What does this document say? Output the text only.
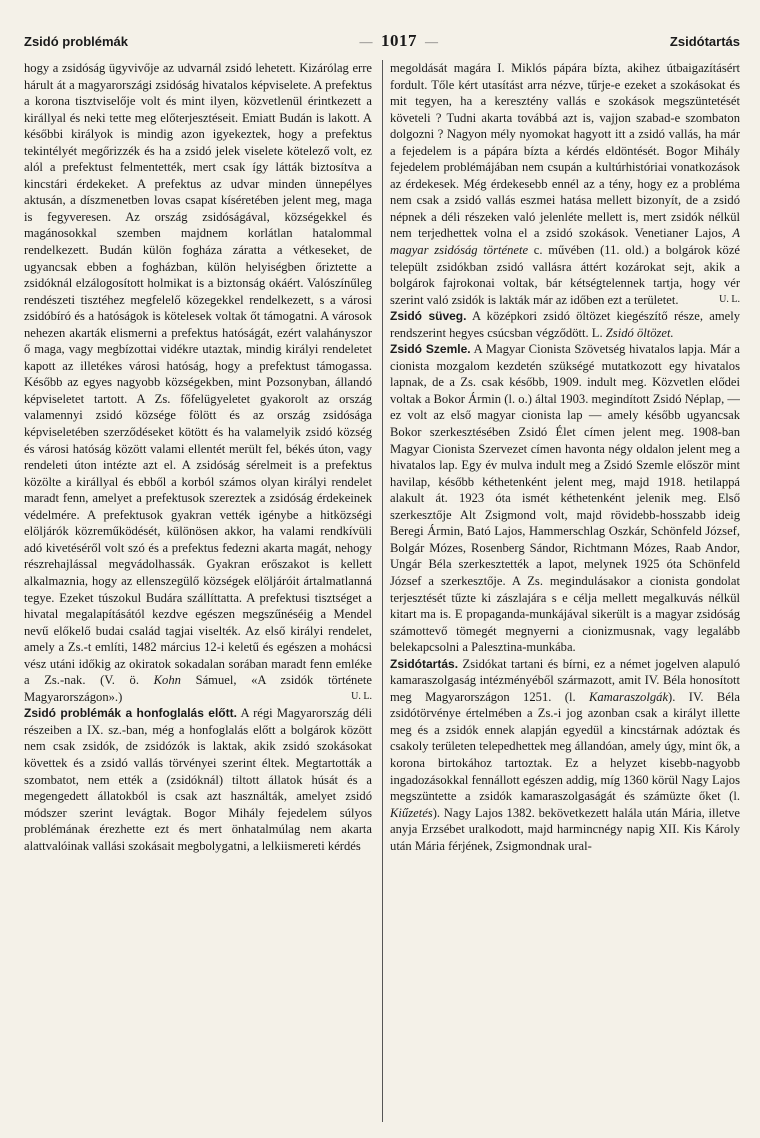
Zsidó problémák
—	1017 —	Zsidótartás

hogy a zsidóság ügyvivője az udvarnál zsidó lehetett. Kizárólag erre hárult át a magyarországi zsidóság hivatalos képviselete. A prefektus a korona tisztviselője volt és mint ilyen, közvetlenül érintkezett a királlyal és neki tette meg előterjesztéseit. Emiatt Budán is lakott. A későbbi királyok is mindig azon igyekeztek, hogy a prefektus tekintélyét megőrizzék és ha a zsidó jelek viselete kötelező volt, ez alól a prefektust felmentették, mert csak így látták biztosítva a kincstári érdekeket. A prefektus az udvar minden ünnepélyes aktusán, a díszmenetben lovas csapat kíséretében jelent meg, maga is fegyveresen. Az ország zsidóságával, községekkel és magánosokkal szemben majdnem korlátlan hatalommal rendelkezett. Budán külön fogháza záratta a vétkeseket, de ugyancsak ebben a fogházban, külön helyiségben őriztette a zsidóknál elzálogosított holmikat is a biztonság okáért. Valószínűleg rendészeti tisztéhez megfelelő közegekkel rendelkezett, s a városi zsidóbíró és a hatóságok is kötelesek voltak őt támogatni. A városok nehezen akarták elismerni a prefektus hatóságát, ezért valahányszor ő maga, vagy megbízottai vidékre utaztak, mindig királyi rendeletet kapott az illetékes városi hatóság, hogy a prefektust támogassa. Később az egyes nagyobb községekben, mint Pozsonyban, állandó képviseletet tartott. A Zs. főfelügyeletet gyakorolt az ország valamennyi zsidó községe fölött és az ország zsidósága képviseletében szerződéseket kötött és ha valamelyik zsidó község és városi hatóság között valami ellentét merült fel, békés úton, vagy rendeleti úton intézte azt el. A zsidóság sérelmeit is a prefektus közölte a királlyal és ebből a korból számos olyan királyi rendelet maradt fenn, amelyet a prefektusok szereztek a zsidóság érdekeinek védelmére. A prefektusok gyakran vették igénybe a hitközségi elöljárók közreműködését, különösen akkor, ha valami rendkívüli adó kivetéséről volt szó és a prefektus fedezni akarta magát, nehogy részrehajlással megvádolhassák. Gyakran erőszakot is kellett alkalmaznia, hogy az ellenszegülő községek elöljáróit ártalmatlanná tegye. Ezeket túszokul Budára szállíttatta. A prefektusi tisztséget a hivatal megalapításától kezdve egészen megszűnéséig a Mendel nevű előkelő budai család tagjai viselték. Az első királyi rendelet, amely a Zs.-t említi, 1482 március 12-i keletű és egészen a mohácsi vész utáni időkig az okiratok sokadalan sorában maradt fenn emléke a Zs.-nak. (V. ö. Kohn Sámuel, «A zsidók története Magyarországon».)	U. L.

Zsidó problémák a honfoglalás előtt. A régi Magyarország déli részeiben a IX. sz.-ban, még a honfoglalás előtt a bolgárok között nem csak zsidók, de zsidózók is laktak, akik zsidó szokásokat követtek és a zsidó vallás törvényei szerint éltek. Megtartották a szombatot, nem ették a (zsidóknál) tiltott állatok húsát és a megengedett állatokból is csak azt használták, amelyet zsidó módszer szerint levágtak. Bogor Mihály fejedelem súlyos problémának érezhette ezt és mert önhatalmúlag nem akarta alattvalóinak vallási szokásait megbolygatni, a lelkiismereti kérdés

megoldását magára I. Miklós pápára bízta, akihez útbaigazításért fordult. Tőle kért utasítást arra nézve, tűrje-e ezeket a szokásokat és mit tegyen, ha a keresztény vallás e szokások megszüntetését követeli ? Tudni akarta továbbá azt is, vajjon szabad-e szombaton dolgozni ? Nagyon mély nyomokat hagyott itt a zsidó vallás, ha már a fejedelem is a pápára bízta a kérdés eldöntését. Bogor Mihály fejedelem problémájában nem csupán a kultúrhistóriai vonatkozások az érdekesek. Még érdekesebb ennél az a tény, hogy ez a probléma nem csak a zsidó vallás eszmei hatása mellett bizonyít, de a zsidó népnek a déli részeken való jelenléte mellett is, mert zsidók nélkül nem terjedhettek volna el a zsidó szokások. Venetianer Lajos, A magyar zsidóság története c. művében (11. old.) a bolgárok közé települt zsidókban zsidó vallásra áttért kozárokat sejt, akik a bolgárok fajrokonai voltak, bár kétségtelennek tartja, hogy vér szerint való zsidók is lakták már az időben ezt a területet.	U. L.

Zsidó süveg. A középkori zsidó öltözet kiegészítő része, amely rendszerint hegyes csúcsban végződött. L. Zsidó öltözet.

Zsidó Szemle. A Magyar Cionista Szövetség hivatalos lapja. Már a cionista mozgalom kezdetén szükségé mutatkozott egy hivatalos lapnak, de a Zs. csak később, 1909. indult meg. Közvetlen elődei voltak a Bokor Ármin (l. o.) által 1903. megindított Zsidó Néplap, — ez volt az első magyar cionista lap — amely később ugyancsak Bokor szerkesztésében Zsidó Élet címen jelent meg. 1908-ban Magyar Cionista Szervezet címen havonta négy oldalon jelent meg a hivatalos lap. Egy év mulva indult meg a Zsidó Szemle először mint havilap, később kéthetenként jelent meg, majd 1918. hetilappá alakult át. 1923 óta ismét kéthetenként jelenik meg. Első szerkesztője Alt Zsigmond volt, majd rövidebb-hosszabb ideig Beregi Ármin, Bató Lajos, Hammerschlag Oszkár, Schönfeld József, Bolgár Mózes, Rosenberg Sándor, Richtmann Mózes, Raab Andor, Ungár Béla szerkesztették a lapot, melynek 1925 óta Schönfeld József a szerkesztője. A Zs. megindulásakor a cionista gondolat terjesztését tűzte ki zászlajára s e célja mellett megalkuvás nélkül kitart ma is. E propaganda-munkájával sikerült is a magyar zsidóság számottevő tömegét megnyerni a cionizmusnak, vagy legalább belekapcsolni a Palesztina-munkába.

Zsidótartás. Zsidókat tartani és bírni, ez a német jogelven alapuló kamaraszolgaság intézményéből származott, amit IV. Béla honosított meg Magyarországon 1251. (l. Kamaraszolgák). IV. Béla zsidótörvénye értelmében a Zs.-i jog azonban csak a királyt illette meg és a zsidók ennek alapján egyedül a kincstárnak adóztak és csakoly területen telepedhettek meg állandóan, amely úgy, mint ők, a korona birtokához tartoztak. Ez a helyzet kisebb-nagyobb ingadozásokkal fennállott egészen addig, míg 1360 körül Nagy Lajos megszüntette a zsidók kamaraszolgaságát és számüzte őket (l. Kiűzetés). Nagy Lajos 1382. bekövetkezett halála után Mária, illetve anyja Erzsébet uralkodott, majd harmincnégy napig XII. Kis Károly után Mária férjének, Zsigmondnak ural-
